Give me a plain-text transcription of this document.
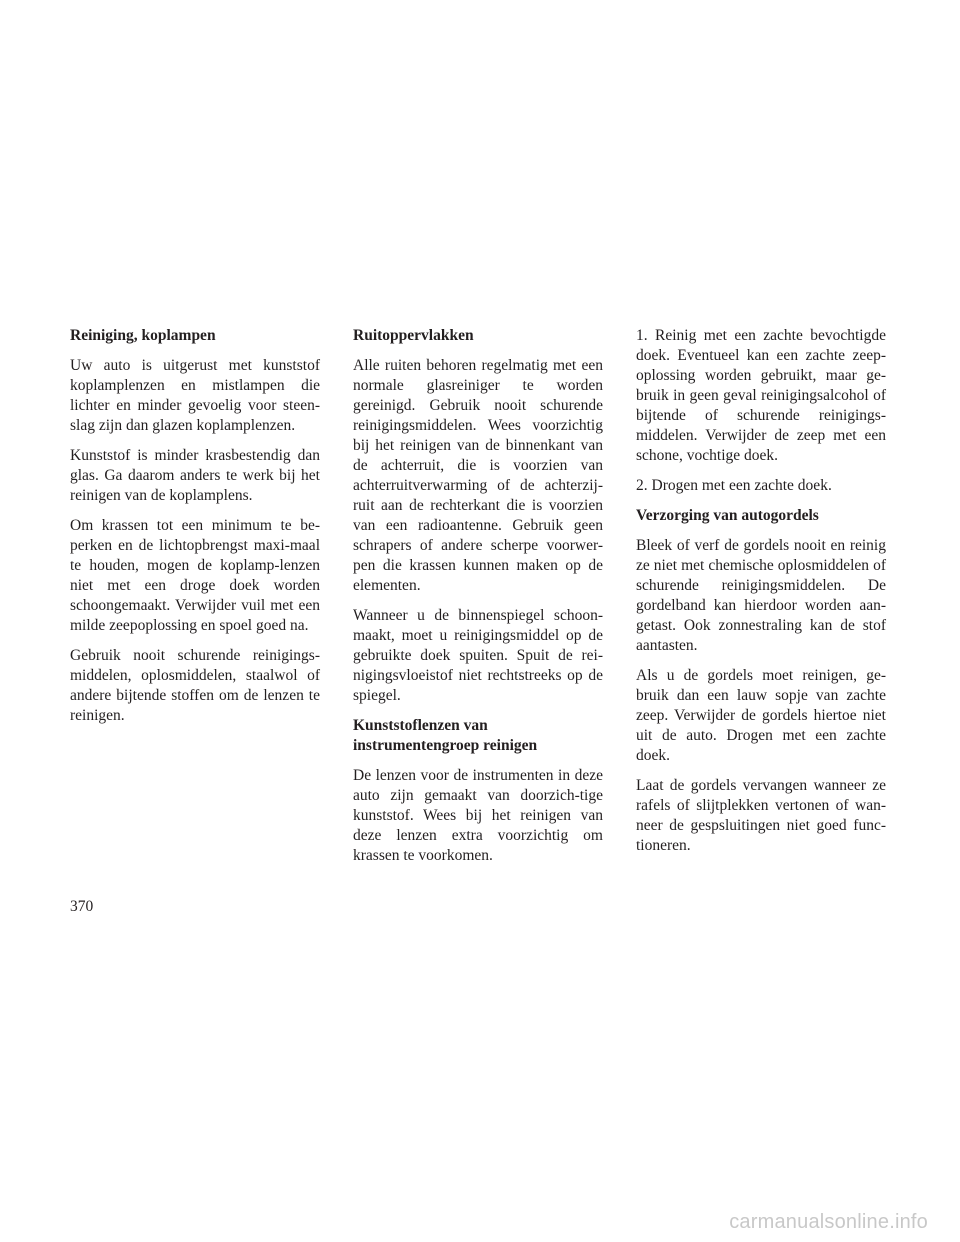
Reiniging, koplampen
Uw auto is uitgerust met kunststof koplamplenzen en mistlampen die lichter en minder gevoelig voor steen-slag zijn dan glazen koplamplenzen.
Kunststof is minder krasbestendig dan glas. Ga daarom anders te werk bij het reinigen van de koplamplens.
Om krassen tot een minimum te be-perken en de lichtopbrengst maxi-maal te houden, mogen de koplamp-lenzen niet met een droge doek worden schoongemaakt. Verwijder vuil met een milde zeepoplossing en spoel goed na.
Gebruik nooit schurende reinigings-middelen, oplosmiddelen, staalwol of andere bijtende stoffen om de lenzen te reinigen.
Ruitoppervlakken
Alle ruiten behoren regelmatig met een normale glasreiniger te worden gereinigd. Gebruik nooit schurende reinigingsmiddelen. Wees voorzichtig bij het reinigen van de binnenkant van de achterruit, die is voorzien van achterruitverwarming of de achterzij-ruit aan de rechterkant die is voorzien van een radioantenne. Gebruik geen schrapers of andere scherpe voorwer-pen die krassen kunnen maken op de elementen.
Wanneer u de binnenspiegel schoon-maakt, moet u reinigingsmiddel op de gebruikte doek spuiten. Spuit de rei-nigingsvloeistof niet rechtstreeks op de spiegel.
Kunststoflenzen van instrumentengroep reinigen
De lenzen voor de instrumenten in deze auto zijn gemaakt van doorzich-tige kunststof. Wees bij het reinigen van deze lenzen extra voorzichtig om krassen te voorkomen.
1. Reinig met een zachte bevochtigde doek. Eventueel kan een zachte zeep-oplossing worden gebruikt, maar ge-bruik in geen geval reinigingsalcohol of bijtende of schurende reinigings-middelen. Verwijder de zeep met een schone, vochtige doek.
2. Drogen met een zachte doek.
Verzorging van autogordels
Bleek of verf de gordels nooit en reinig ze niet met chemische oplosmiddelen of schurende reinigingsmiddelen. De gordelband kan hierdoor worden aan-getast. Ook zonnestraling kan de stof aantasten.
Als u de gordels moet reinigen, ge-bruik dan een lauw sopje van zachte zeep. Verwijder de gordels hiertoe niet uit de auto. Drogen met een zachte doek.
Laat de gordels vervangen wanneer ze rafels of slijtplekken vertonen of wan-neer de gespsluitingen niet goed func-tioneren.
370
carmanualsonline.info
